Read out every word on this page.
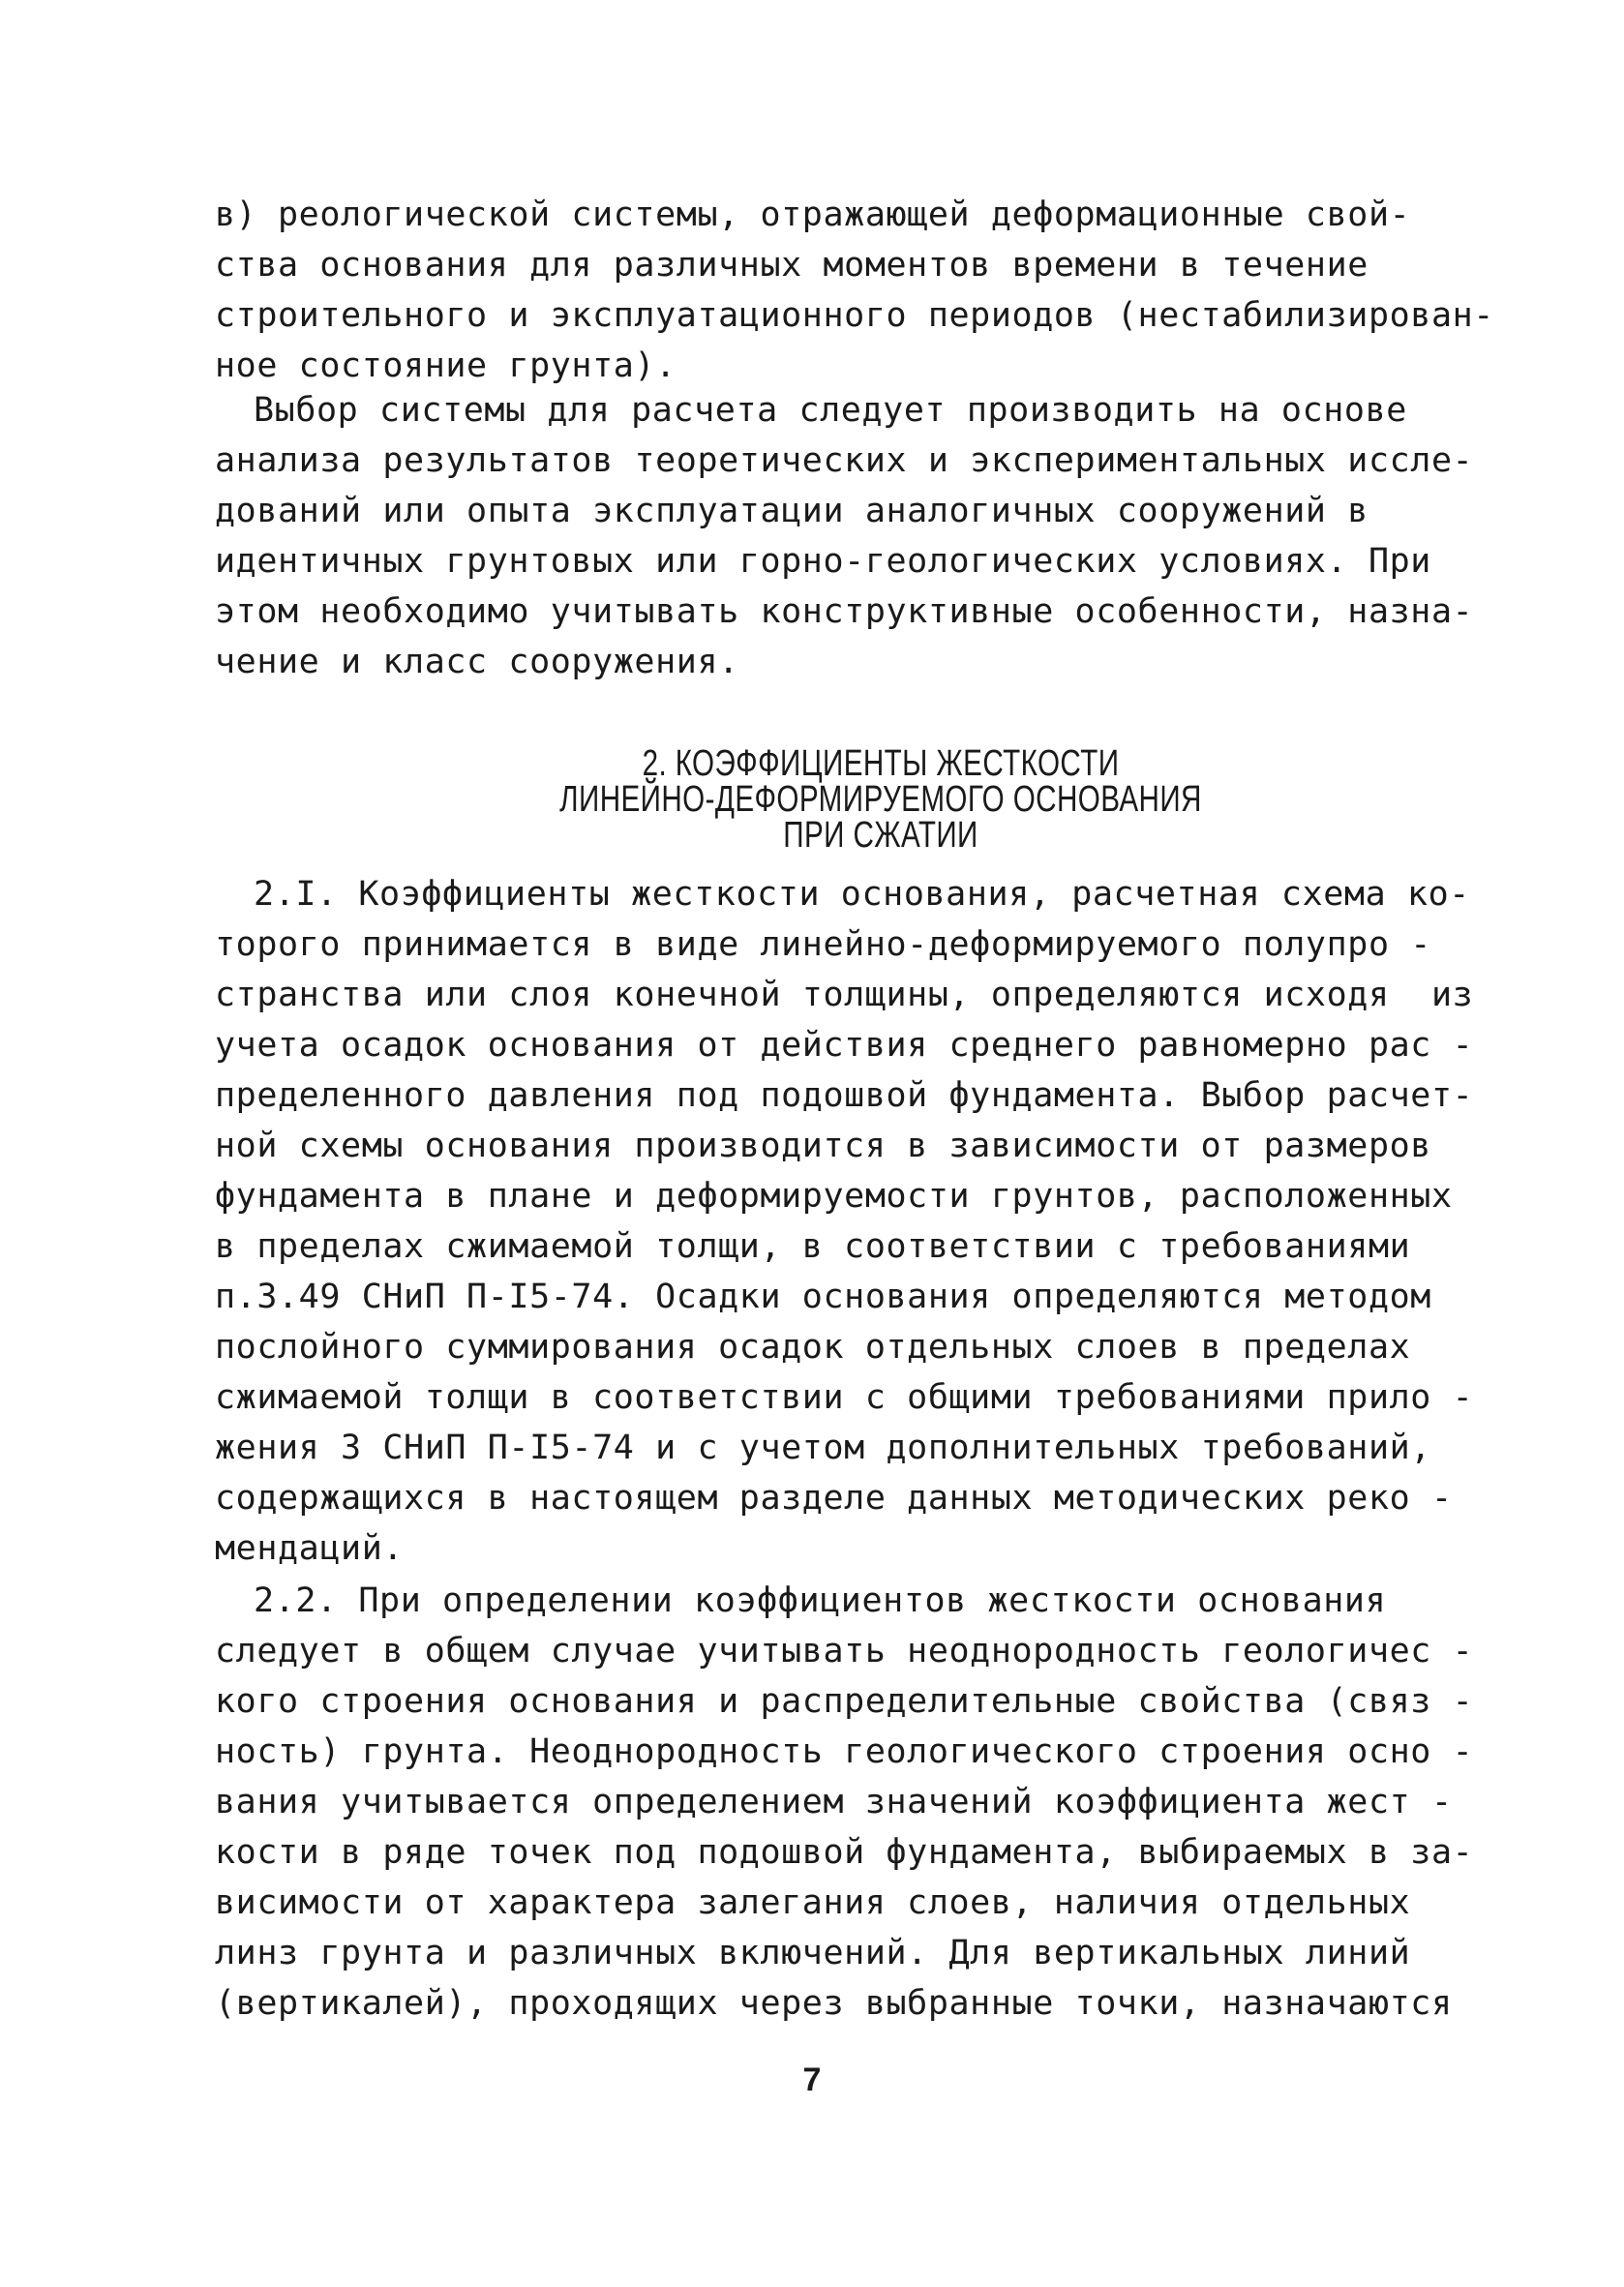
в) реологической системы, отражающей деформационные свой-
ства основания для различных моментов времени в течение
строительного и эксплуатационного периодов (нестабилизирован-
ное состояние грунта).
Выбор системы для расчета следует производить на основе
анализа результатов теоретических и экспериментальных иссле-
дований или опыта эксплуатации аналогичных сооружений в
идентичных грунтовых или горно-геологических условиях. При
этом необходимо учитывать конструктивные особенности, назна-
чение и класс сооружения.
2. КОЭФФИЦИЕНТЫ ЖЕСТКОСТИ
ЛИНЕЙНО-ДЕФОРМИРУЕМОГО ОСНОВАНИЯ
ПРИ СЖАТИИ
2.I. Коэффициенты жесткости основания, расчетная схема ко-
торого принимается в виде линейно-деформируемого полупро -
странства или слоя конечной толщины, определяются исходя  из
учета осадок основания от действия среднего равномерно рас -
пределенного давления под подошвой фундамента. Выбор расчет-
ной схемы основания производится в зависимости от размеров
фундамента в плане и деформируемости грунтов, расположенных
в пределах сжимаемой толщи, в соответствии с требованиями
п.3.49 СНиП П-I5-74. Осадки основания определяются методом
послойного суммирования осадок отдельных слоев в пределах
сжимаемой толщи в соответствии с общими требованиями прило -
жения 3 СНиП П-I5-74 и с учетом дополнительных требований,
содержащихся в настоящем разделе данных методических реко -
мендаций.
2.2. При определении коэффициентов жесткости основания
следует в общем случае учитывать неоднородность геологичес -
кого строения основания и распределительные свойства (связ -
ность) грунта. Неоднородность геологического строения осно -
вания учитывается определением значений коэффициента жест -
кости в ряде точек под подошвой фундамента, выбираемых в за-
висимости от характера залегания слоев, наличия отдельных
линз грунта и различных включений. Для вертикальных линий
(вертикалей), проходящих через выбранные точки, назначаются
7
